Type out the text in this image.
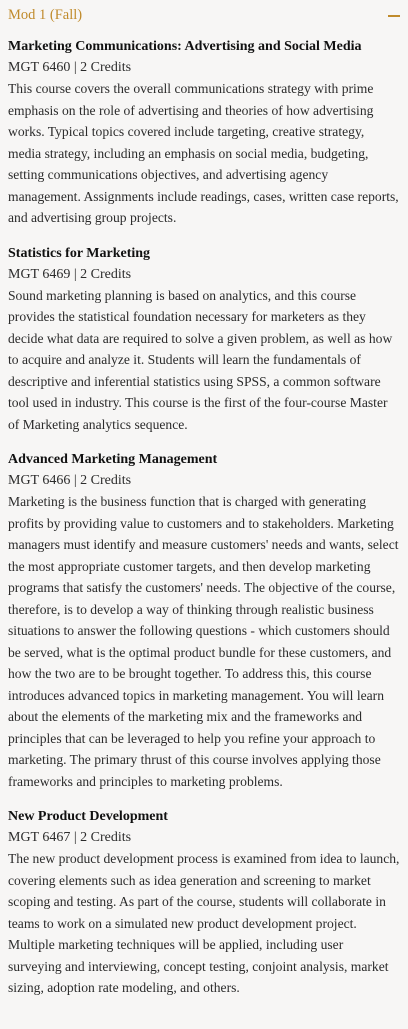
Mod 1 (Fall)

Marketing Communications: Advertising and Social Media

MGT 6460 | 2 Credits

This course covers the overall communications strategy with prime emphasis on the role of advertising and theories of how advertising works. Typical topics covered include targeting, creative strategy, media strategy, including an emphasis on social media, budgeting, setting communications objectives, and advertising agency management. Assignments include readings, cases, written case reports, and advertising group projects.

Statistics for Marketing

MGT 6469 | 2 Credits

Sound marketing planning is based on analytics, and this course provides the statistical foundation necessary for marketers as they decide what data are required to solve a given problem, as well as how to acquire and analyze it. Students will learn the fundamentals of descriptive and inferential statistics using SPSS, a common software tool used in industry. This course is the first of the four-course Master of Marketing analytics sequence.

Advanced Marketing Management

MGT 6466 | 2 Credits

Marketing is the business function that is charged with generating profits by providing value to customers and to stakeholders. Marketing managers must identify and measure customers' needs and wants, select the most appropriate customer targets, and then develop marketing programs that satisfy the customers' needs. The objective of the course, therefore, is to develop a way of thinking through realistic business situations to answer the following questions - which customers should be served, what is the optimal product bundle for these customers, and how the two are to be brought together. To address this, this course introduces advanced topics in marketing management. You will learn about the elements of the marketing mix and the frameworks and principles that can be leveraged to help you refine your approach to marketing. The primary thrust of this course involves applying those frameworks and principles to marketing problems.

New Product Development

MGT 6467 | 2 Credits

The new product development process is examined from idea to launch, covering elements such as idea generation and screening to market scoping and testing. As part of the course, students will collaborate in teams to work on a simulated new product development project. Multiple marketing techniques will be applied, including user surveying and interviewing, concept testing, conjoint analysis, market sizing, adoption rate modeling, and others.
